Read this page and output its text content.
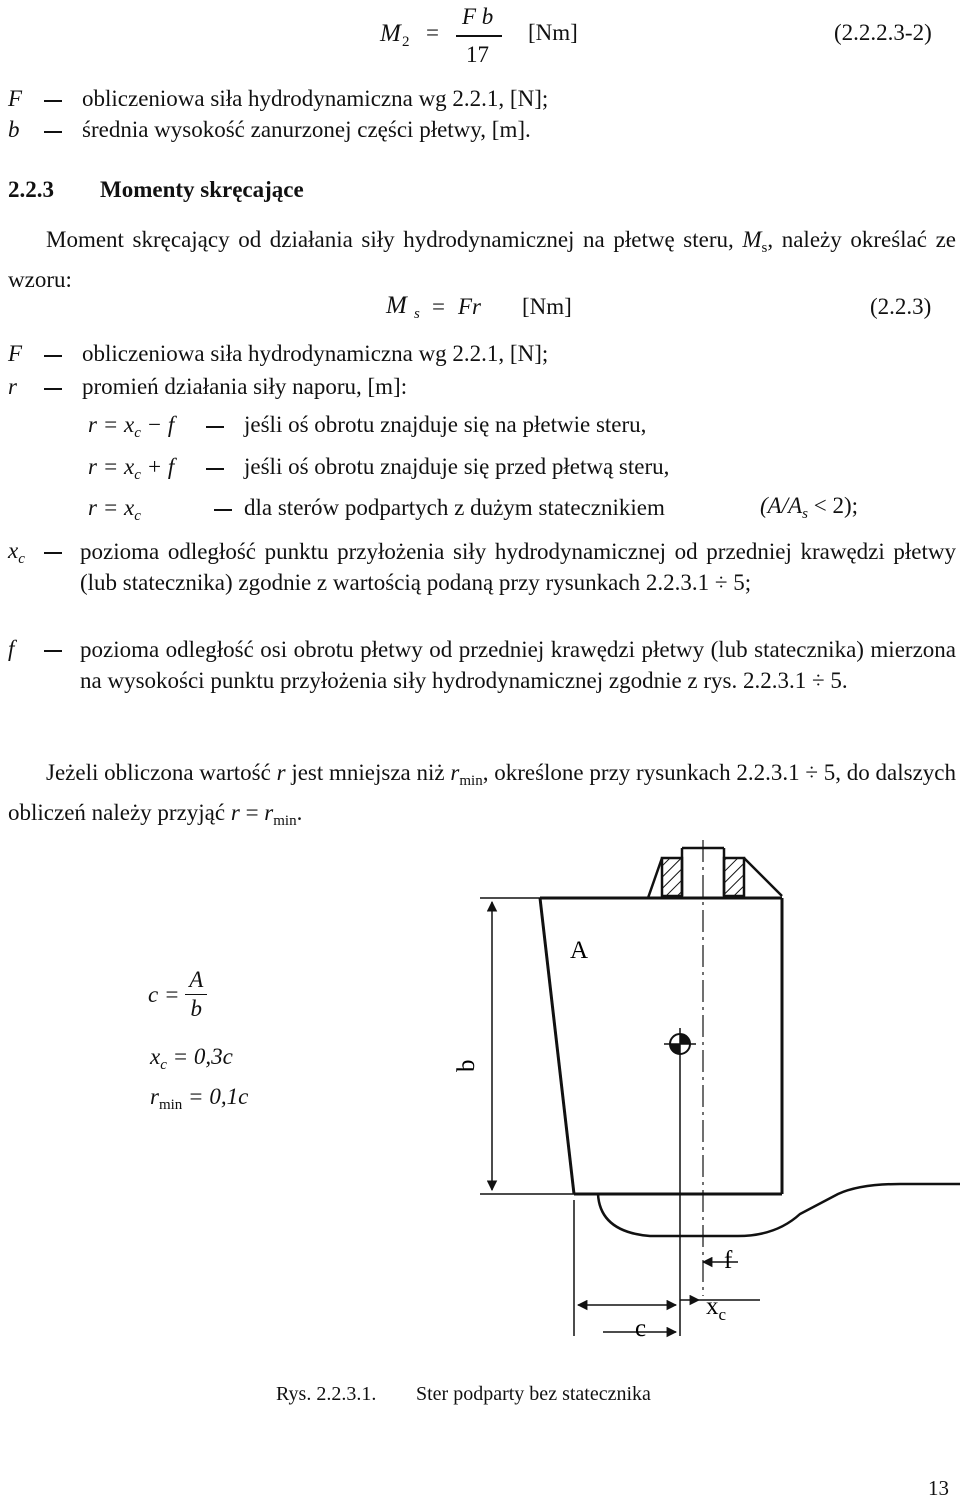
M 2 =
F b
17
[Nm]	(2.2.2.3-2)
F	obliczeniowa siła hydrodynamiczna wg 2.2.1, [N];
b	średnia wysokość zanurzonej części płetwy, [m].
2.2.3 Momenty skręcające
Moment skręcający od działania siły hydrodynamicznej na płetwę steru, $M_s$, należy określać ze wzoru:
M s = Fr [Nm]	(2.2.3)
F	obliczeniowa siła hydrodynamiczna wg 2.2.1, [N];
r	promień działania siły naporu, [m]:
$r = x_c - f$	jeśli oś obrotu znajduje się na płetwie steru,
$r = x_c + f$	jeśli oś obrotu znajduje się przed płetwą steru,
$r = x_c$	dla sterów podpartych z dużym statecznikiem	$(A/A_s < 2)$;
$x_c$ pozioma odległość punktu przyłożenia siły hydrodynamicznej od przedniej krawędzi płetwy (lub statecznika) zgodnie z wartością podaną przy rysunkach 2.2.3.1 ÷ 5;
f	pozioma odległość osi obrotu płetwy od przedniej krawędzi płetwy (lub statecznika) mierzona na wysokości punktu przyłożenia siły hydrodynamicznej zgodnie z rys. 2.2.3.1 ÷ 5.
Jeżeli obliczona wartość r jest mniejsza niż $r_{min}$, określone przy rysunkach 2.2.3.1 ÷ 5, do dalszych obliczeń należy przyjąć $r = r_{min}$.
$c = \frac{A}{b}$
$x_c = 0,3c$
$r_{min} = 0,1c$
A
b
f
$x_c$
c
Rys. 2.2.3.1. Ster podparty bez statecznika
13
